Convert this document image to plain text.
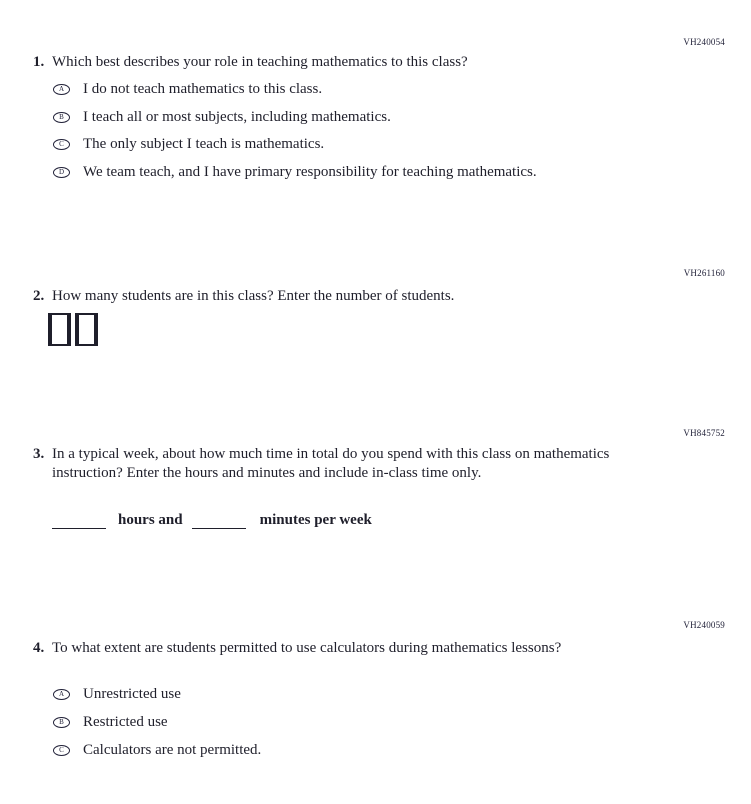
VH240054
1. Which best describes your role in teaching mathematics to this class?
A I do not teach mathematics to this class.
B I teach all or most subjects, including mathematics.
C The only subject I teach is mathematics.
D We team teach, and I have primary responsibility for teaching mathematics.
VH261160
2. How many students are in this class? Enter the number of students.
VH845752
3. In a typical week, about how much time in total do you spend with this class on mathematics instruction? Enter the hours and minutes and include in-class time only.
hours and	minutes per week
VH240059
4. To what extent are students permitted to use calculators during mathematics lessons?
A Unrestricted use
B Restricted use
C Calculators are not permitted.
